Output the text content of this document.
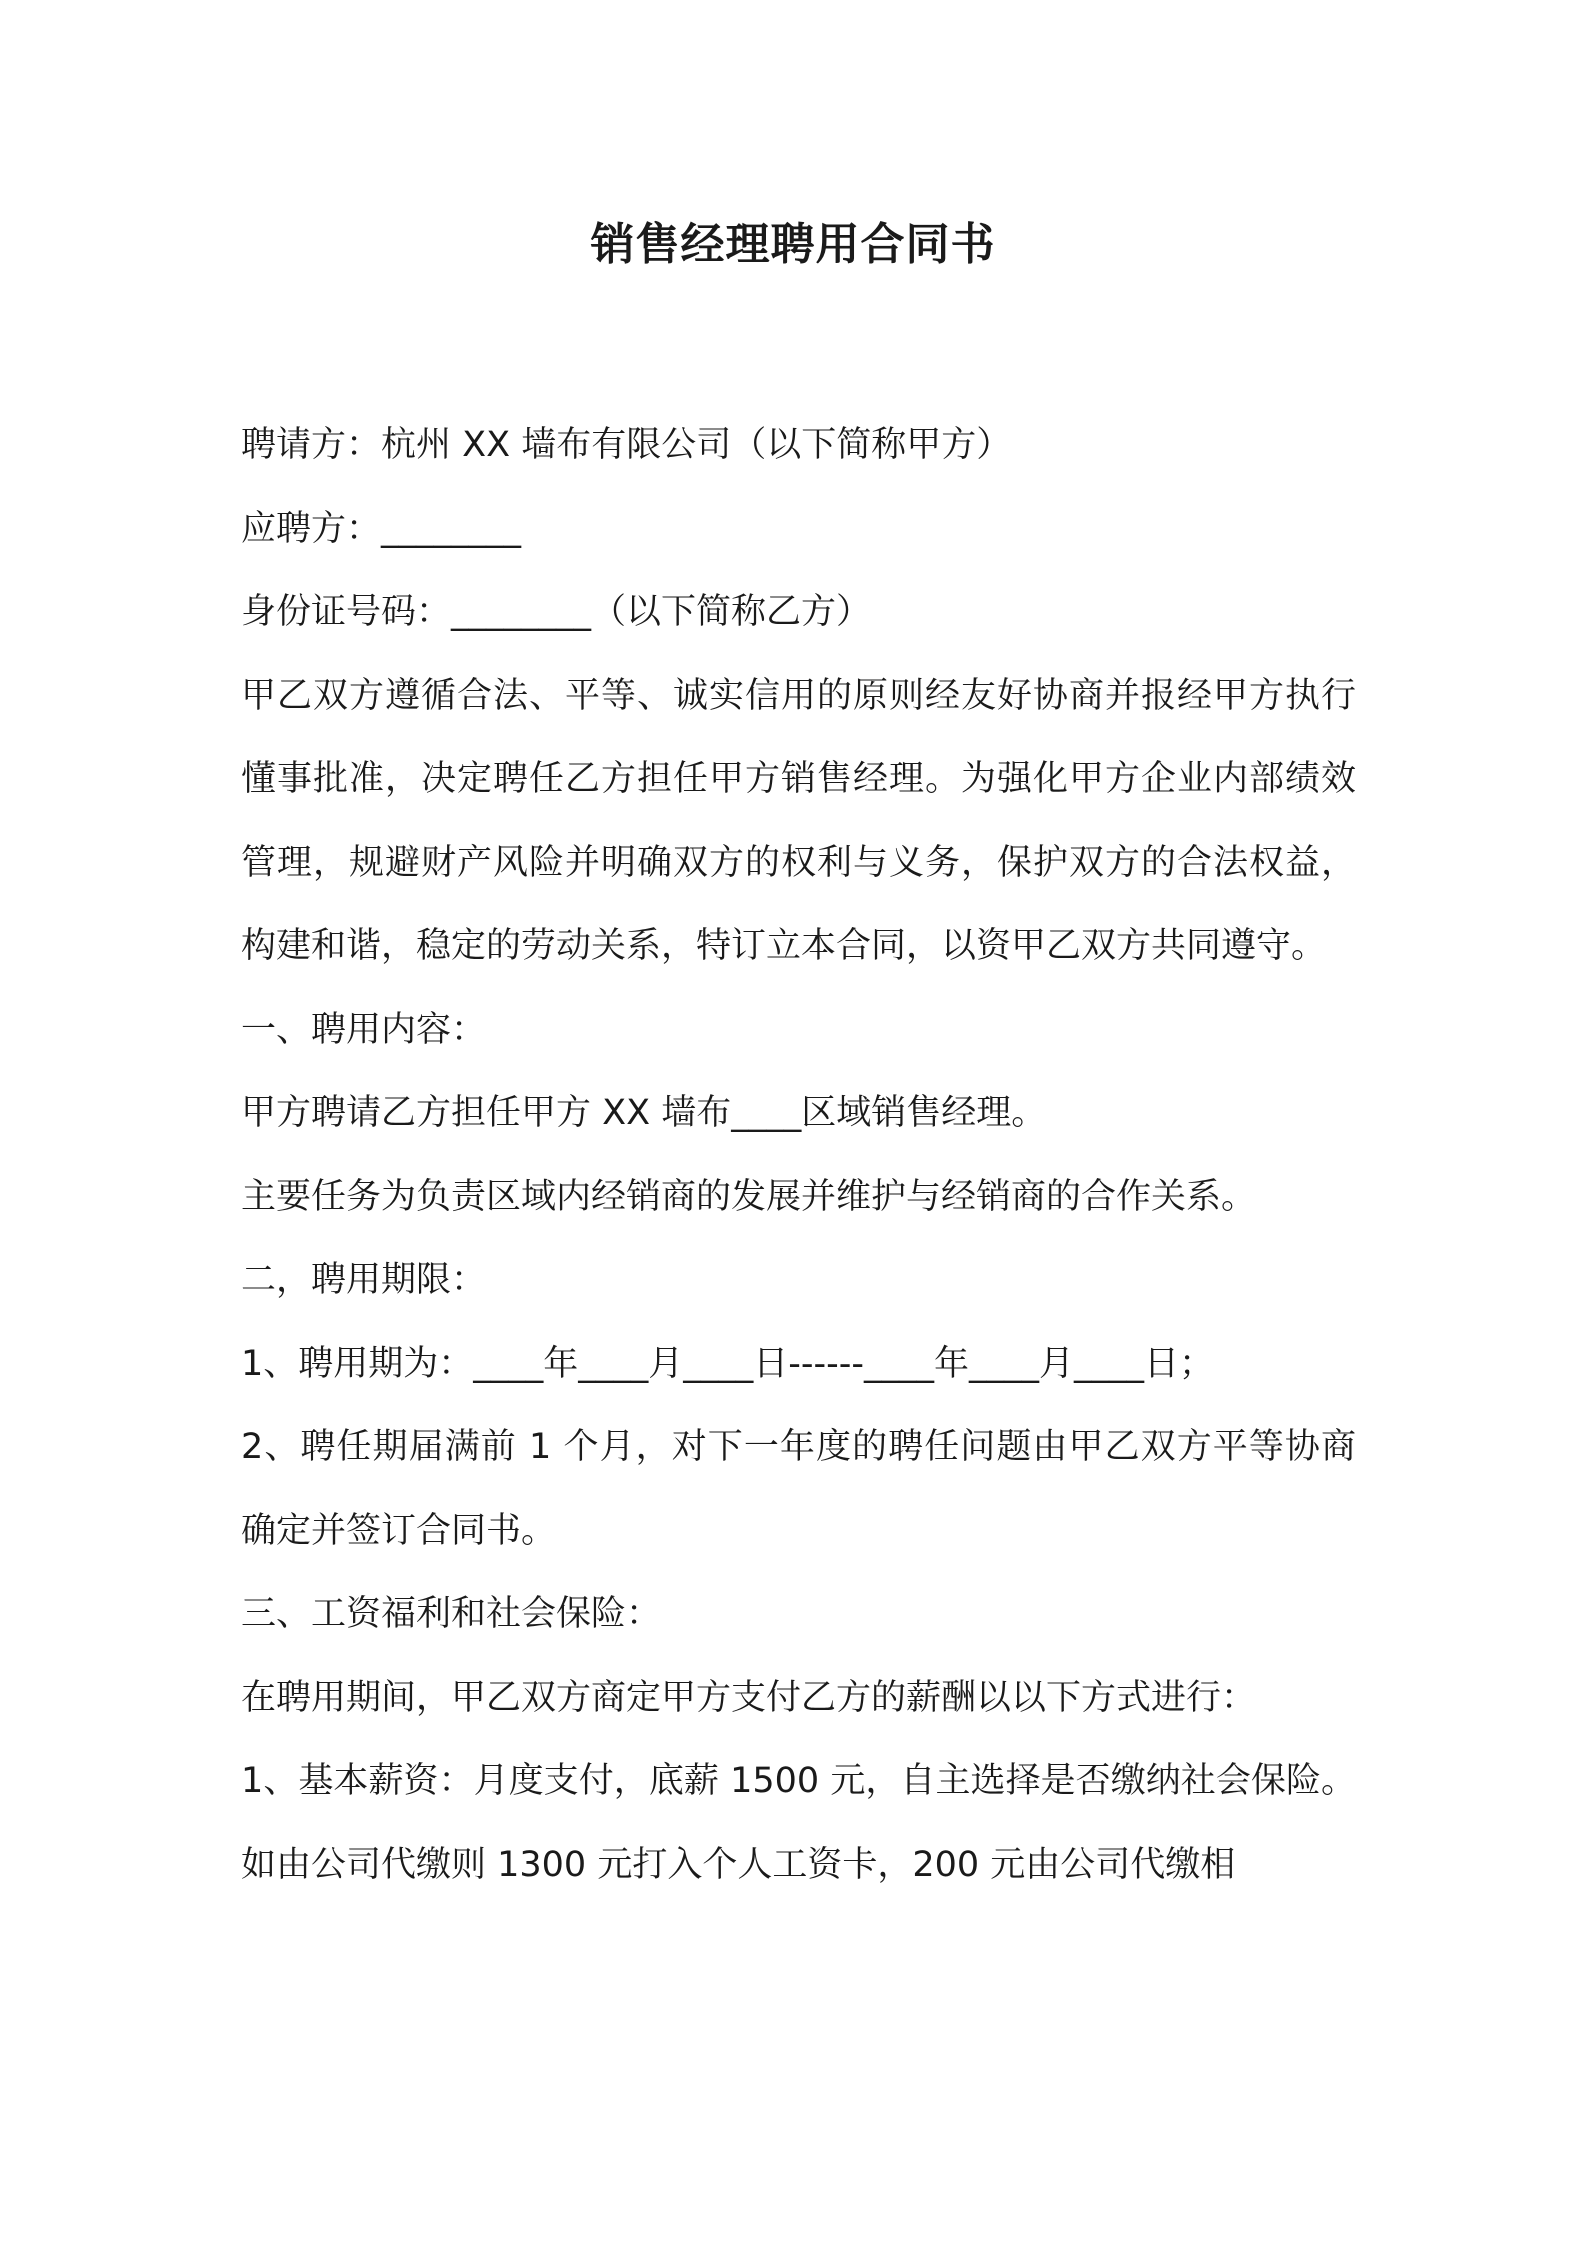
销售经理聘用合同书
聘请方：杭州 XX 墙布有限公司（以下简称甲方）
应聘方：________
身份证号码：________（以下简称乙方）
甲乙双方遵循合法、平等、诚实信用的原则经友好协商并报经甲方执行懂事批准，决定聘任乙方担任甲方销售经理。为强化甲方企业内部绩效管理，规避财产风险并明确双方的权利与义务，保护双方的合法权益，构建和谐，稳定的劳动关系，特订立本合同，以资甲乙双方共同遵守。
一、聘用内容：
甲方聘请乙方担任甲方 XX 墙布____区域销售经理。
主要任务为负责区域内经销商的发展并维护与经销商的合作关系。
二，聘用期限：
1、聘用期为：____年____月____日------____年____月____日；
2、聘任期届满前 1 个月，对下一年度的聘任问题由甲乙双方平等协商确定并签订合同书。
三、工资福利和社会保险：
在聘用期间，甲乙双方商定甲方支付乙方的薪酬以以下方式进行：
1、基本薪资：月度支付，底薪 1500 元，自主选择是否缴纳社会保险。如由公司代缴则 1300 元打入个人工资卡，200 元由公司代缴相
